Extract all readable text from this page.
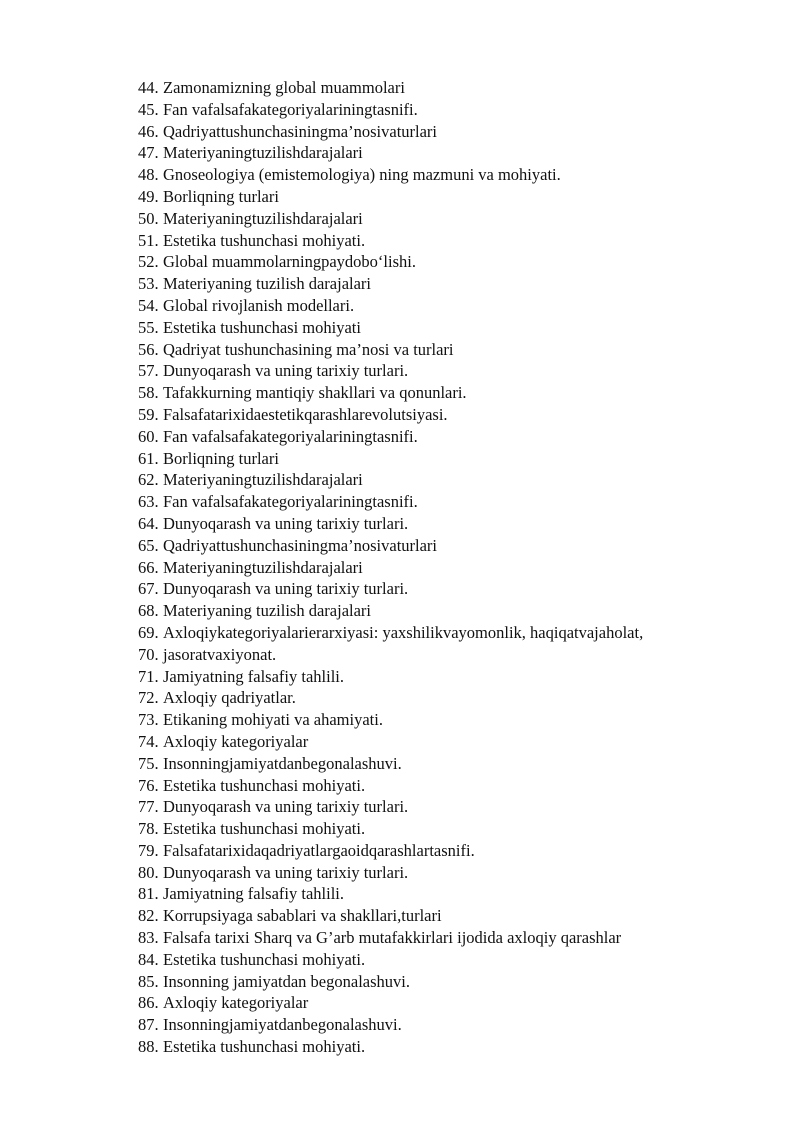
44. Zamonamizning global muammolari
45. Fan vafalsafakategoriyalariningtasnifi.
46. Qadriyattushunchasiningma’nosivaturlari
47. Materiyaningtuzilishdarajalari
48. Gnoseologiya (emistemologiya) ning mazmuni va mohiyati.
49. Borliqning turlari
50. Materiyaningtuzilishdarajalari
51. Estetika tushunchasi mohiyati.
52. Global muammolarningpaydobo‘lishi.
53. Materiyaning tuzilish darajalari
54. Global rivojlanish modellari.
55. Estetika tushunchasi mohiyati
56. Qadriyat tushunchasining ma’nosi va turlari
57. Dunyoqarash va uning tarixiy turlari.
58. Tafakkurning mantiqiy shakllari va qonunlari.
59. Falsafatarixidaestetikqarashlarevolutsiyasi.
60. Fan vafalsafakategoriyalariningtasnifi.
61. Borliqning turlari
62. Materiyaningtuzilishdarajalari
63. Fan vafalsafakategoriyalariningtasnifi.
64. Dunyoqarash va uning tarixiy turlari.
65. Qadriyattushunchasiningma’nosivaturlari
66. Materiyaningtuzilishdarajalari
67. Dunyoqarash va uning tarixiy turlari.
68. Materiyaning tuzilish darajalari
69. Axloqiykategoriyalarierarxiyasi: yaxshilikvayomonlik, haqiqatvajaholat,
70. jasoratvaxiyonat.
71. Jamiyatning falsafiy tahlili.
72. Axloqiy qadriyatlar.
73. Etikaning mohiyati va ahamiyati.
74. Axloqiy kategoriyalar
75. Insonningjamiyatdanbegonalashuvi.
76. Estetika tushunchasi mohiyati.
77. Dunyoqarash va uning tarixiy turlari.
78. Estetika tushunchasi mohiyati.
79. Falsafatarixidaqadriyatlargaoidqarashlartasnifi.
80. Dunyoqarash va uning tarixiy turlari.
81. Jamiyatning falsafiy tahlili.
82. Korrupsiyaga sabablari va shakllari,turlari
83. Falsafa tarixi Sharq va G’arb mutafakkirlari ijodida axloqiy qarashlar
84. Estetika tushunchasi mohiyati.
85. Insonning jamiyatdan begonalashuvi.
86. Axloqiy kategoriyalar
87. Insonningjamiyatdanbegonalashuvi.
88. Estetika tushunchasi mohiyati.
